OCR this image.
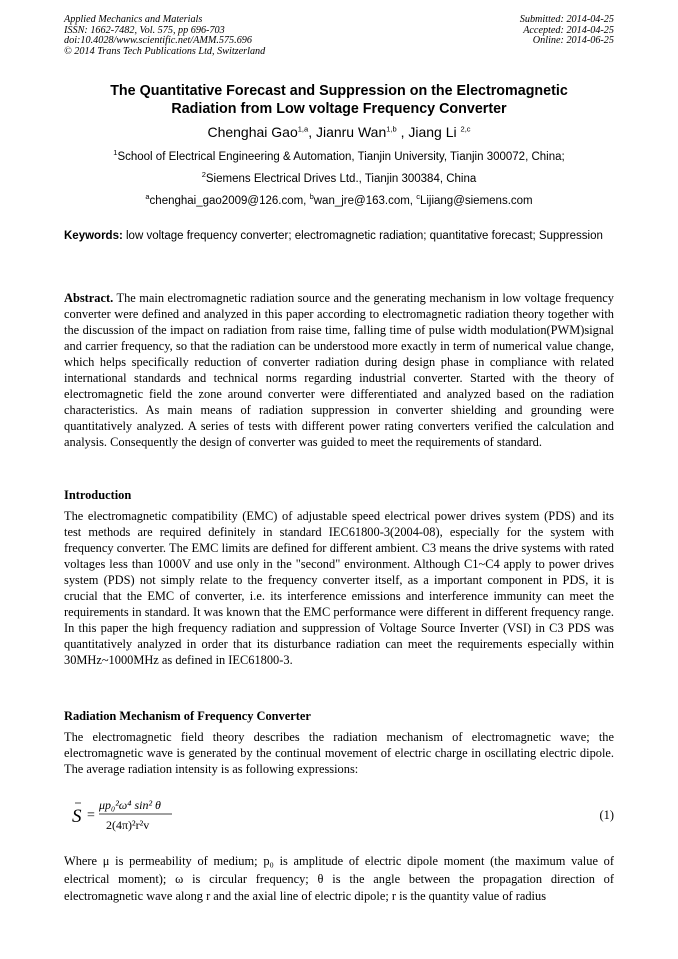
Applied Mechanics and Materials
ISSN: 1662-7482, Vol. 575, pp 696-703
doi:10.4028/www.scientific.net/AMM.575.696
© 2014 Trans Tech Publications Ltd, Switzerland
Submitted: 2014-04-25
Accepted: 2014-04-25
Online: 2014-06-25
The Quantitative Forecast and Suppression on the Electromagnetic
Radiation from Low voltage Frequency Converter
Chenghai Gao$^{1,a}$, Jianru Wan$^{1,b}$ , Jiang Li $^{2,c}$
$^1$School of Electrical Engineering & Automation, Tianjin University, Tianjin 300072, China;
$^2$Siemens Electrical Drives Ltd., Tianjin 300384, China
$^a$chenghai_gao2009@126.com, $^b$wan_jre@163.com, $^c$Lijiang@siemens.com
Keywords: low voltage frequency converter; electromagnetic radiation; quantitative forecast; Suppression
Abstract. The main electromagnetic radiation source and the generating mechanism in low voltage frequency converter were defined and analyzed in this paper according to electromagnetic radiation theory together with the discussion of the impact on radiation from raise time, falling time of pulse width modulation(PWM)signal and carrier frequency, so that the radiation can be understood more exactly in term of numerical value change, which helps specifically reduction of converter radiation during design phase in compliance with related international standards and technical norms regarding industrial converter. Started with the theory of electromagnetic field the zone around converter were differentiated and analyzed based on the radiation characteristics. As main means of radiation suppression in converter shielding and grounding were quantitatively analyzed. A series of tests with different power rating converters verified the calculation and analysis. Consequently the design of converter was guided to meet the requirements of standard.
Introduction
The electromagnetic compatibility (EMC) of adjustable speed electrical power drives system (PDS) and its test methods are required definitely in standard IEC61800-3(2004-08), especially for the system with frequency converter. The EMC limits are defined for different ambient. C3 means the drive systems with rated voltages less than 1000V and use only in the "second" environment. Although C1~C4 apply to power drives system (PDS) not simply relate to the frequency converter itself, as a important component in PDS, it is crucial that the EMC of converter, i.e. its interference emissions and interference immunity can meet the requirements in standard. It was known that the EMC performance were different in different frequency range. In this paper the high frequency radiation and suppression of Voltage Source Inverter (VSI) in C3 PDS was quantitatively analyzed in order that its disturbance radiation can meet the requirements especially within 30MHz~1000MHz as defined in IEC61800-3.
Radiation Mechanism of Frequency Converter
The electromagnetic field theory describes the radiation mechanism of electromagnetic wave; the electromagnetic wave is generated by the continual movement of electric charge in oscillating electric dipole. The average radiation intensity is as following expressions:
S =
μp₀²ω⁴ sin² θ
2(4π)²r²v
(1)
Where μ is permeability of medium; p₀ is amplitude of electric dipole moment (the maximum value of electrical moment); ω is circular frequency; θ is the angle between the propagation direction of electromagnetic wave along r and the axial line of electric dipole; r is the quantity value of radius
